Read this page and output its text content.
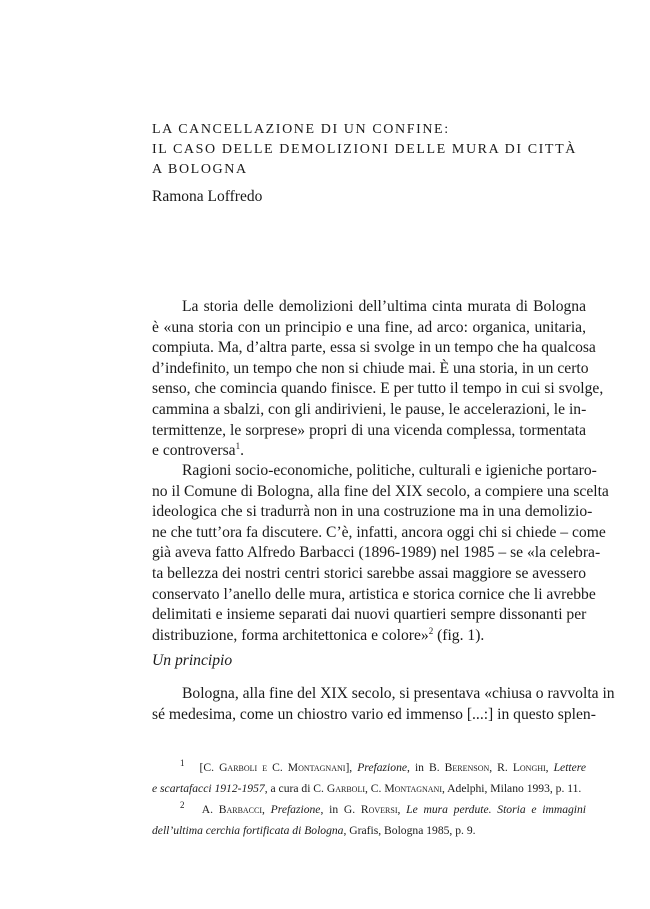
LA CANCELLAZIONE DI UN CONFINE:
IL CASO DELLE DEMOLIZIONI DELLE MURA DI CITTÀ
A BOLOGNA

Ramona Loffredo

La storia delle demolizioni dell’ultima cinta murata di Bologna
è «una storia con un principio e una fine, ad arco: organica, unitaria,
compiuta. Ma, d’altra parte, essa si svolge in un tempo che ha qualcosa
d’indefinito, un tempo che non si chiude mai. È una storia, in un certo
senso, che comincia quando finisce. E per tutto il tempo in cui si svolge,
cammina a sbalzi, con gli andirivieni, le pause, le accelerazioni, le in-
termittenze, le sorprese» propri di una vicenda complessa, tormentata
e controversa$^1$.
Ragioni socio-economiche, politiche, culturali e igieniche portaro-
no il Comune di Bologna, alla fine del XIX secolo, a compiere una scelta
ideologica che si tradurrà non in una costruzione ma in una demolizio-
ne che tutt’ora fa discutere. C’è, infatti, ancora oggi chi si chiede – come
già aveva fatto Alfredo Barbacci (1896-1989) nel 1985 – se «la celebra-
ta bellezza dei nostri centri storici sarebbe assai maggiore se avessero
conservato l’anello delle mura, artistica e storica cornice che li avrebbe
delimitati e insieme separati dai nuovi quartieri sempre dissonanti per
distribuzione, forma architettonica e colore»$^2$ (fig. 1).
Un principio
Bologna, alla fine del XIX secolo, si presentava «chiusa o ravvolta in
sé medesima, come un chiostro vario ed immenso [...:] in questo splen-
$^1$ [C. Garboli e C. Montagnani], Prefazione, in B. Berenson, R. Longhi, Lettere
e scartafacci 1912-1957, a cura di C. Garboli, C. Montagnani, Adelphi, Milano 1993, p. 11.
$^2$ A. Barbacci, Prefazione, in G. Roversi, Le mura perdute. Storia e immagini
dell’ultima cerchia fortificata di Bologna, Grafis, Bologna 1985, p. 9.
